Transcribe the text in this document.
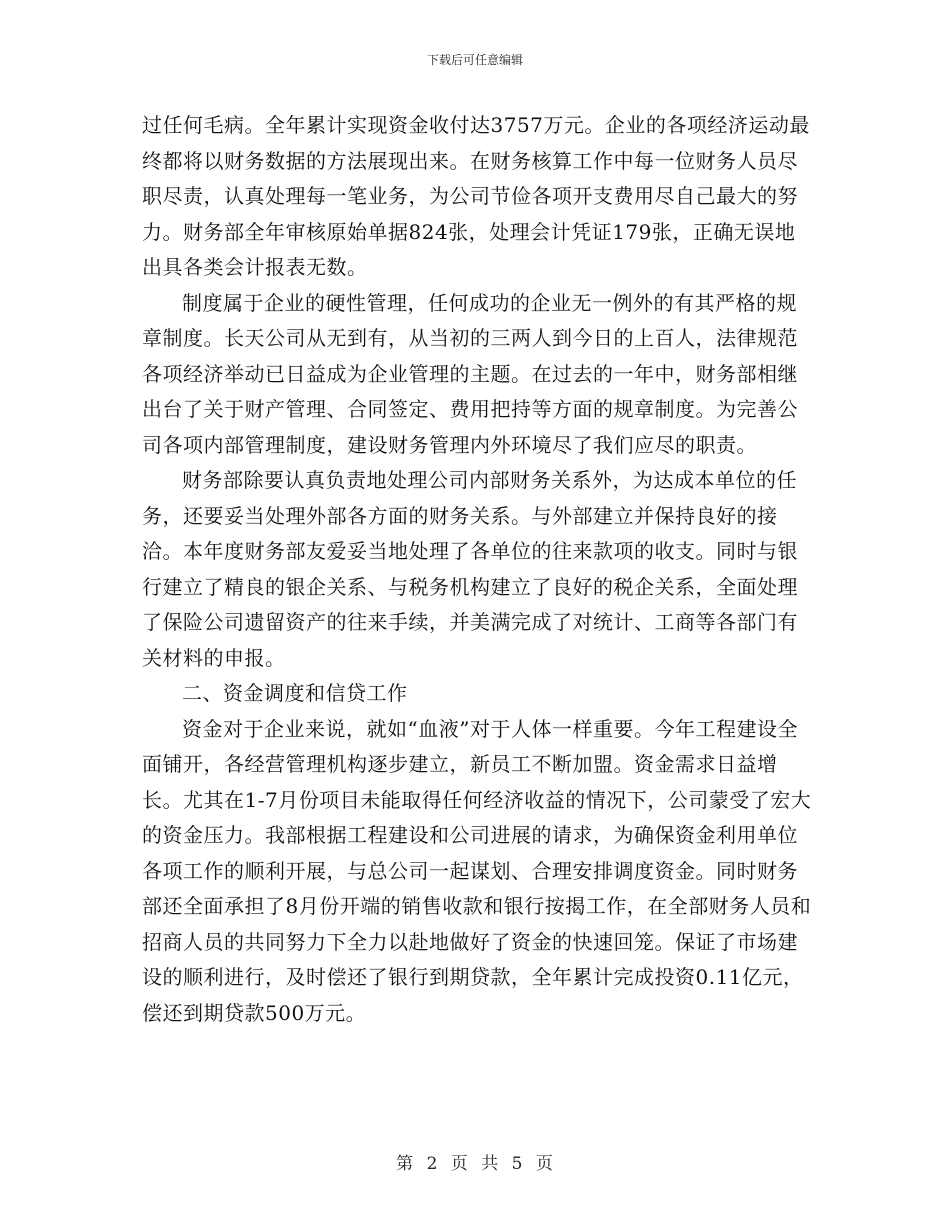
下载后可任意编辑

过任何毛病。全年累计实现资金收付达3757万元。企业的各项经济运动最终都将以财务数据的方法展现出来。在财务核算工作中每一位财务人员尽职尽责，认真处理每一笔业务，为公司节俭各项开支费用尽自己最大的努力。财务部全年审核原始单据824张，处理会计凭证179张，正确无误地出具各类会计报表无数。

制度属于企业的硬性管理，任何成功的企业无一例外的有其严格的规章制度。长天公司从无到有，从当初的三两人到今日的上百人，法律规范各项经济举动已日益成为企业管理的主题。在过去的一年中，财务部相继出台了关于财产管理、合同签定、费用把持等方面的规章制度。为完善公司各项内部管理制度，建设财务管理内外环境尽了我们应尽的职责。

财务部除要认真负责地处理公司内部财务关系外，为达成本单位的任务，还要妥当处理外部各方面的财务关系。与外部建立并保持良好的接洽。本年度财务部友爱妥当地处理了各单位的往来款项的收支。同时与银行建立了精良的银企关系、与税务机构建立了良好的税企关系，全面处理了保险公司遗留资产的往来手续，并美满完成了对统计、工商等各部门有关材料的申报。

二、资金调度和信贷工作

资金对于企业来说，就如“血液”对于人体一样重要。今年工程建设全面铺开，各经营管理机构逐步建立，新员工不断加盟。资金需求日益增长。尤其在1-7月份项目未能取得任何经济收益的情况下，公司蒙受了宏大的资金压力。我部根据工程建设和公司进展的请求，为确保资金利用单位各项工作的顺利开展，与总公司一起谋划、合理安排调度资金。同时财务部还全面承担了8月份开端的销售收款和银行按揭工作，在全部财务人员和招商人员的共同努力下全力以赴地做好了资金的快速回笼。保证了市场建设的顺利进行，及时偿还了银行到期贷款，全年累计完成投资0.11亿元，偿还到期贷款500万元。

第 2 页 共 5 页
